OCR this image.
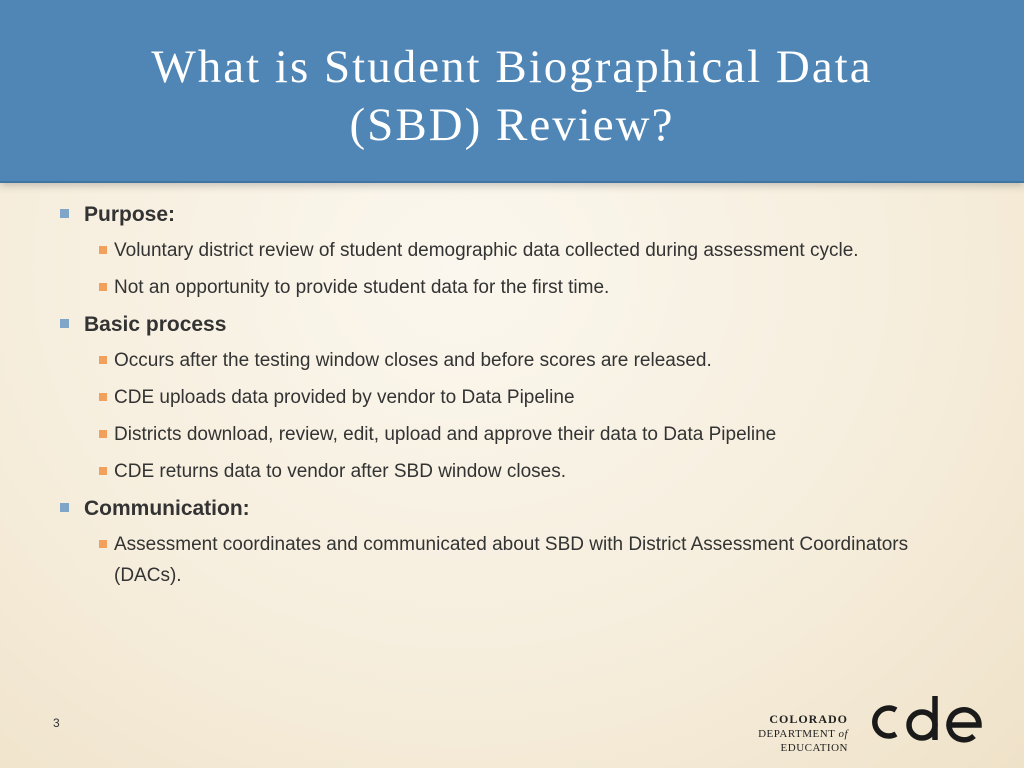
What is Student Biographical Data
(SBD) Review?
Purpose:
Voluntary district review of student demographic data collected during assessment cycle.
Not an opportunity to provide student data for the first time.
Basic process
Occurs after the testing window closes and before scores are released.
CDE uploads data provided by vendor to Data Pipeline
Districts download, review, edit, upload and approve their data to Data Pipeline
CDE returns data to vendor after SBD window closes.
Communication:
Assessment coordinates and communicated about SBD with District Assessment Coordinators (DACs).
3	COLORADO
DEPARTMENT of EDUCATION
